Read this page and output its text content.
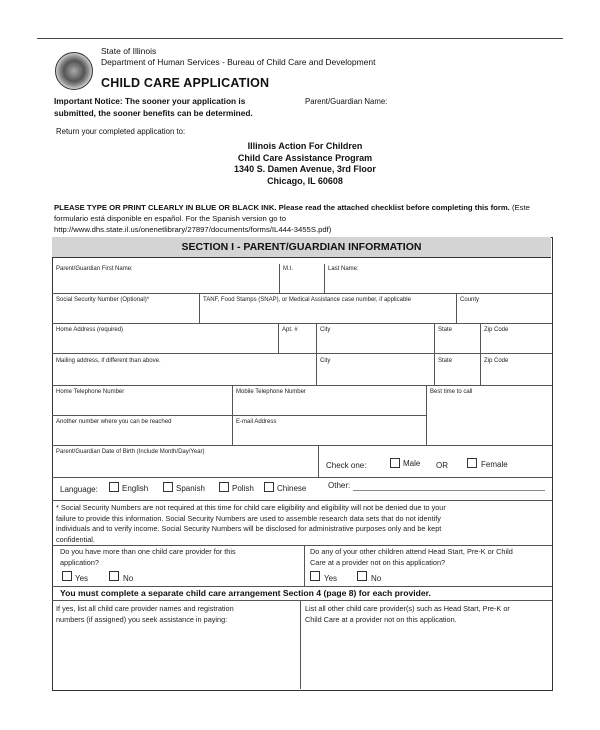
State of Illinois
Department of Human Services - Bureau of Child Care and Development
CHILD CARE APPLICATION
Important Notice: The sooner your application is
submitted, the sooner benefits can be determined.
Parent/Guardian Name:
Return your completed application to:
Illinois Action For Children
Child Care Assistance Program
1340 S. Damen Avenue, 3rd Floor
Chicago, IL 60608
PLEASE TYPE OR PRINT CLEARLY IN BLUE OR BLACK INK. Please read the attached checklist before completing this form. (Este formulario está disponible en español. For the Spanish version go to
http://www.dhs.state.il.us/onenetlibrary/27897/documents/forms/IL444-3455S.pdf)
SECTION I - PARENT/GUARDIAN INFORMATION
Parent/Guardian First Name:	M.I.	Last Name:
Social Security Number (Optional)*	TANF, Food Stamps (SNAP), or Medical Assistance case number, if applicable	County
Home Address (required)	Apt. #	City	State	Zip Code
Mailing address, if different than above.	City	State	Zip Code
Home Telephone Number	Mobile Telephone Number	Best time to call
Another number where you can be reached	E-mail Address
Parent/Guardian Date of Birth (Include Month/Day/Year)
Check one:	Male OR	Female
Language:	English	Spanish	Polish	Chinese	Other:
* Social Security Numbers are not required at this time for child care eligibility and eligibility will not be denied due to your
failure to provide this information. Social Security Numbers are used to assemble research data sets that do not identify
individuals and to verify income. Social Security Numbers will be disclosed for administrative purposes only and be kept
confidential.
Do you have more than one child care provider for this
application?
Yes	No
Do any of your other children attend Head Start, Pre-K or Child
Care at a provider not on this application?
Yes	No
You must complete a separate child care arrangement Section 4 (page 8) for each provider.
If yes, list all child care provider names and registration
numbers (if assigned) you seek assistance in paying:
List all other child care provider(s) such as Head Start, Pre-K or
Child Care at a provider not on this application.
